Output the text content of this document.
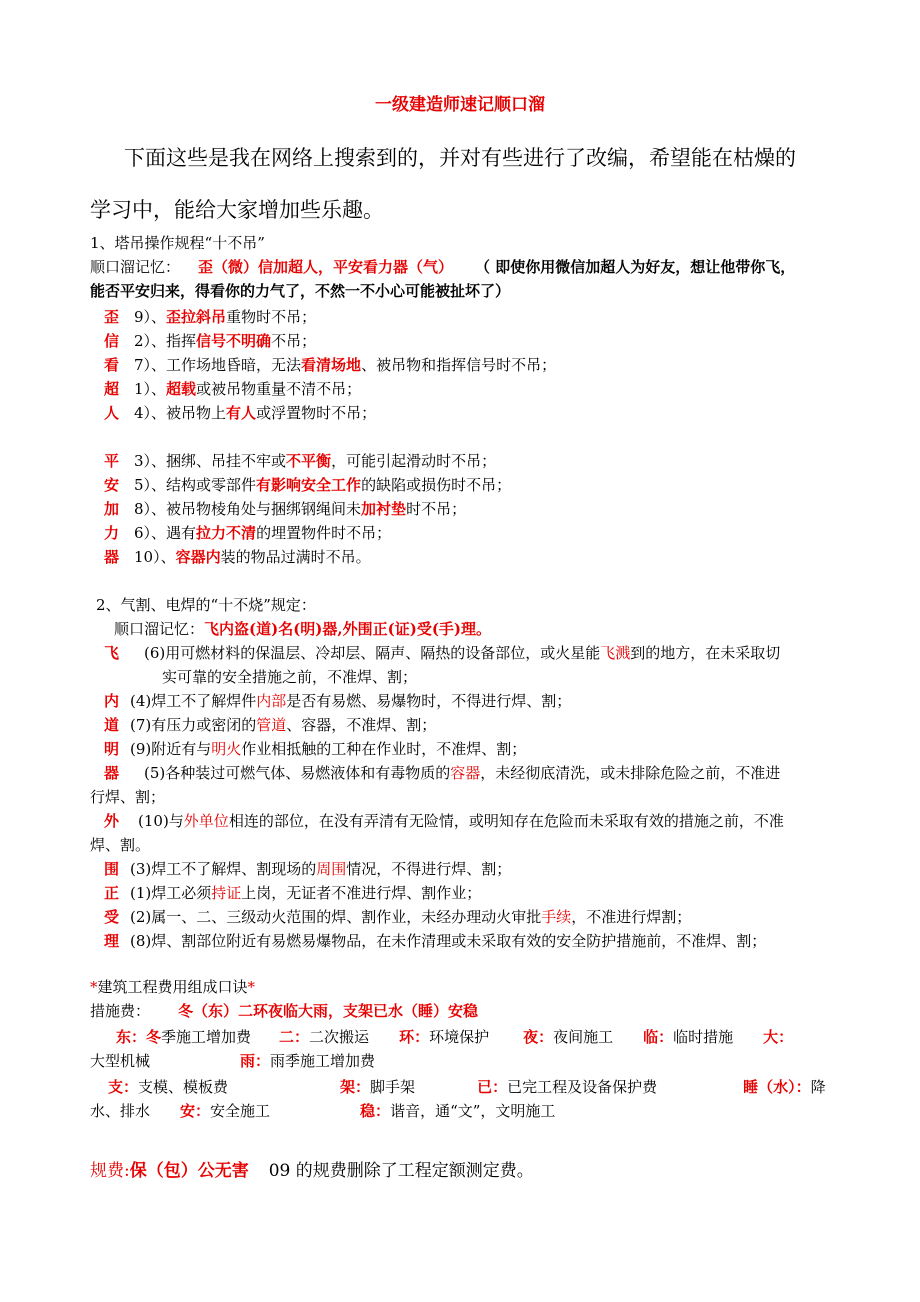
一级建造师速记顺口溜
下面这些是我在网络上搜索到的，并对有些进行了改编，希望能在枯燥的
学习中，能给大家增加些乐趣。
1、塔吊操作规程“十不吊”
顺口溜记忆： 歪（微）信加超人，平安看力器（气） （ 即使你用微信加超人为好友，想让他带你飞，
能否平安归来，得看你的力气了，不然一不小心可能被扯坏了）
歪 9）、歪拉斜吊重物时不吊；
信 2）、指挥信号不明确不吊；
看 7）、工作场地昏暗，无法看清场地、被吊物和指挥信号时不吊；
超 1）、超载或被吊物重量不清不吊；
人 4）、被吊物上有人或浮置物时不吊；
平 3）、捆绑、吊挂不牢或不平衡，可能引起滑动时不吊；
安 5）、结构或零部件有影响安全工作的缺陷或损伤时不吊；
加 8）、被吊物棱角处与捆绑钢绳间未加衬垫时不吊；
力 6）、遇有拉力不清的埋置物件时不吊；
器 10）、容器内装的物品过满时不吊。
2、气割、电焊的“十不烧”规定：
顺口溜记忆：飞内盗(道)名(明)器,外围正(证)受(手)理。
飞 (6)用可燃材料的保温层、冷却层、隔声、隔热的设备部位，或火星能飞溅到的地方，在未采取切
实可靠的安全措施之前，不准焊、割；
内 (4)焊工不了解焊件内部是否有易燃、易爆物时，不得进行焊、割；
道 (7)有压力或密闭的管道、容器，不准焊、割；
明 (9)附近有与明火作业相抵触的工种在作业时，不准焊、割；
器 (5)各种装过可燃气体、易燃液体和有毒物质的容器，未经彻底清洗，或未排除危险之前，不准进
行焊、割；
外 (10)与外单位相连的部位，在没有弄清有无险情，或明知存在危险而未采取有效的措施之前，不准
焊、割。
围 (3)焊工不了解焊、割现场的周围情况，不得进行焊、割；
正 (1)焊工必须持证上岗，无证者不准进行焊、割作业；
受 (2)属一、二、三级动火范围的焊、割作业，未经办理动火审批手续，不准进行焊割；
理 (8)焊、割部位附近有易燃易爆物品，在未作清理或未采取有效的安全防护措施前，不准焊、割；
*建筑工程费用组成口诀*
措施费： 冬（东）二环夜临大雨，支架已水（睡）安稳
东：冬季施工增加费 二：二次搬运 环：环境保护 夜：夜间施工 临：临时措施 大：
大型机械	雨：雨季施工增加费
支：支模、模板费	架：脚手架	已：已完工程及设备保护费	睡（水）：降
水、排水 安：安全施工	稳：谐音，通“文”，文明施工
规费:保（包）公无害 09 的规费删除了工程定额测定费。
